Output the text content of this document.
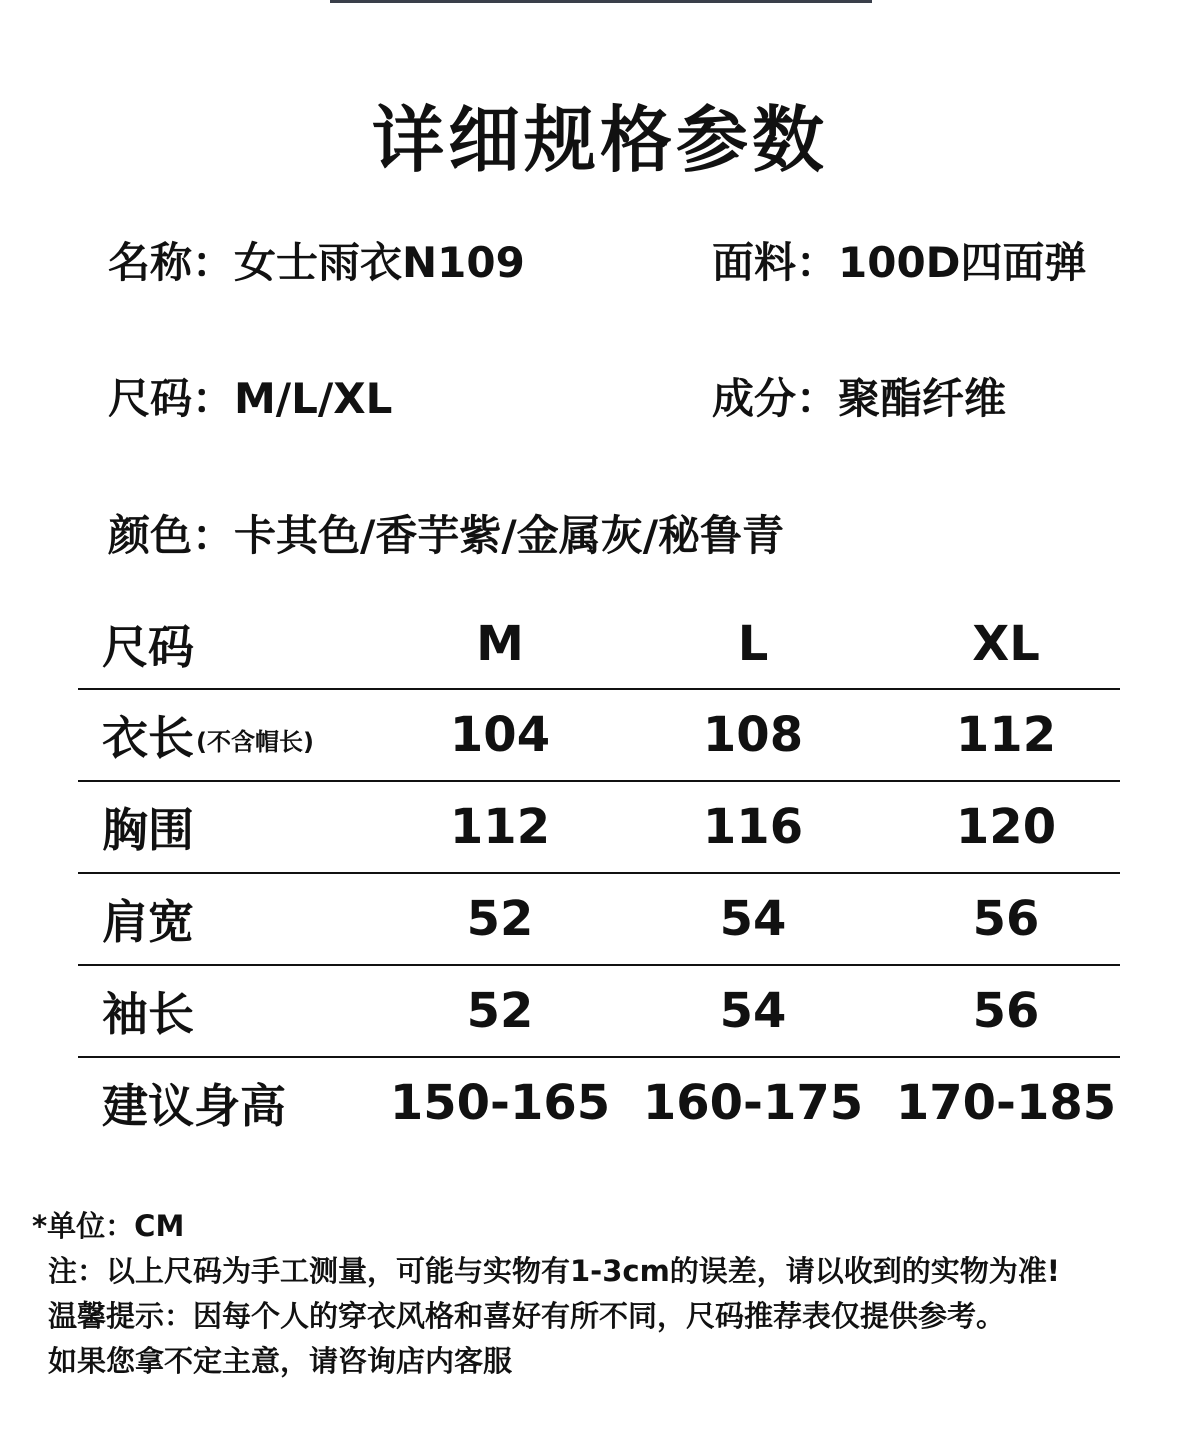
详细规格参数
名称：女士雨衣N109	面料：100D四面弹
尺码：M/L/XL	成分：聚酯纤维
颜色：卡其色/香芋紫/金属灰/秘鲁青
尺码	M	L	XL
衣长 (不含帽长)	104	108	112
胸围	112	116	120
肩宽	52	54	56
袖长	52	54	56
建议身高	150-165 160-175 170-185
*单位：CM
注：以上尺码为手工测量，可能与实物有1-3cm的误差，请以收到的实物为准!
温馨提示：因每个人的穿衣风格和喜好有所不同，尺码推荐表仅提供参考。
如果您拿不定主意，请咨询店内客服
